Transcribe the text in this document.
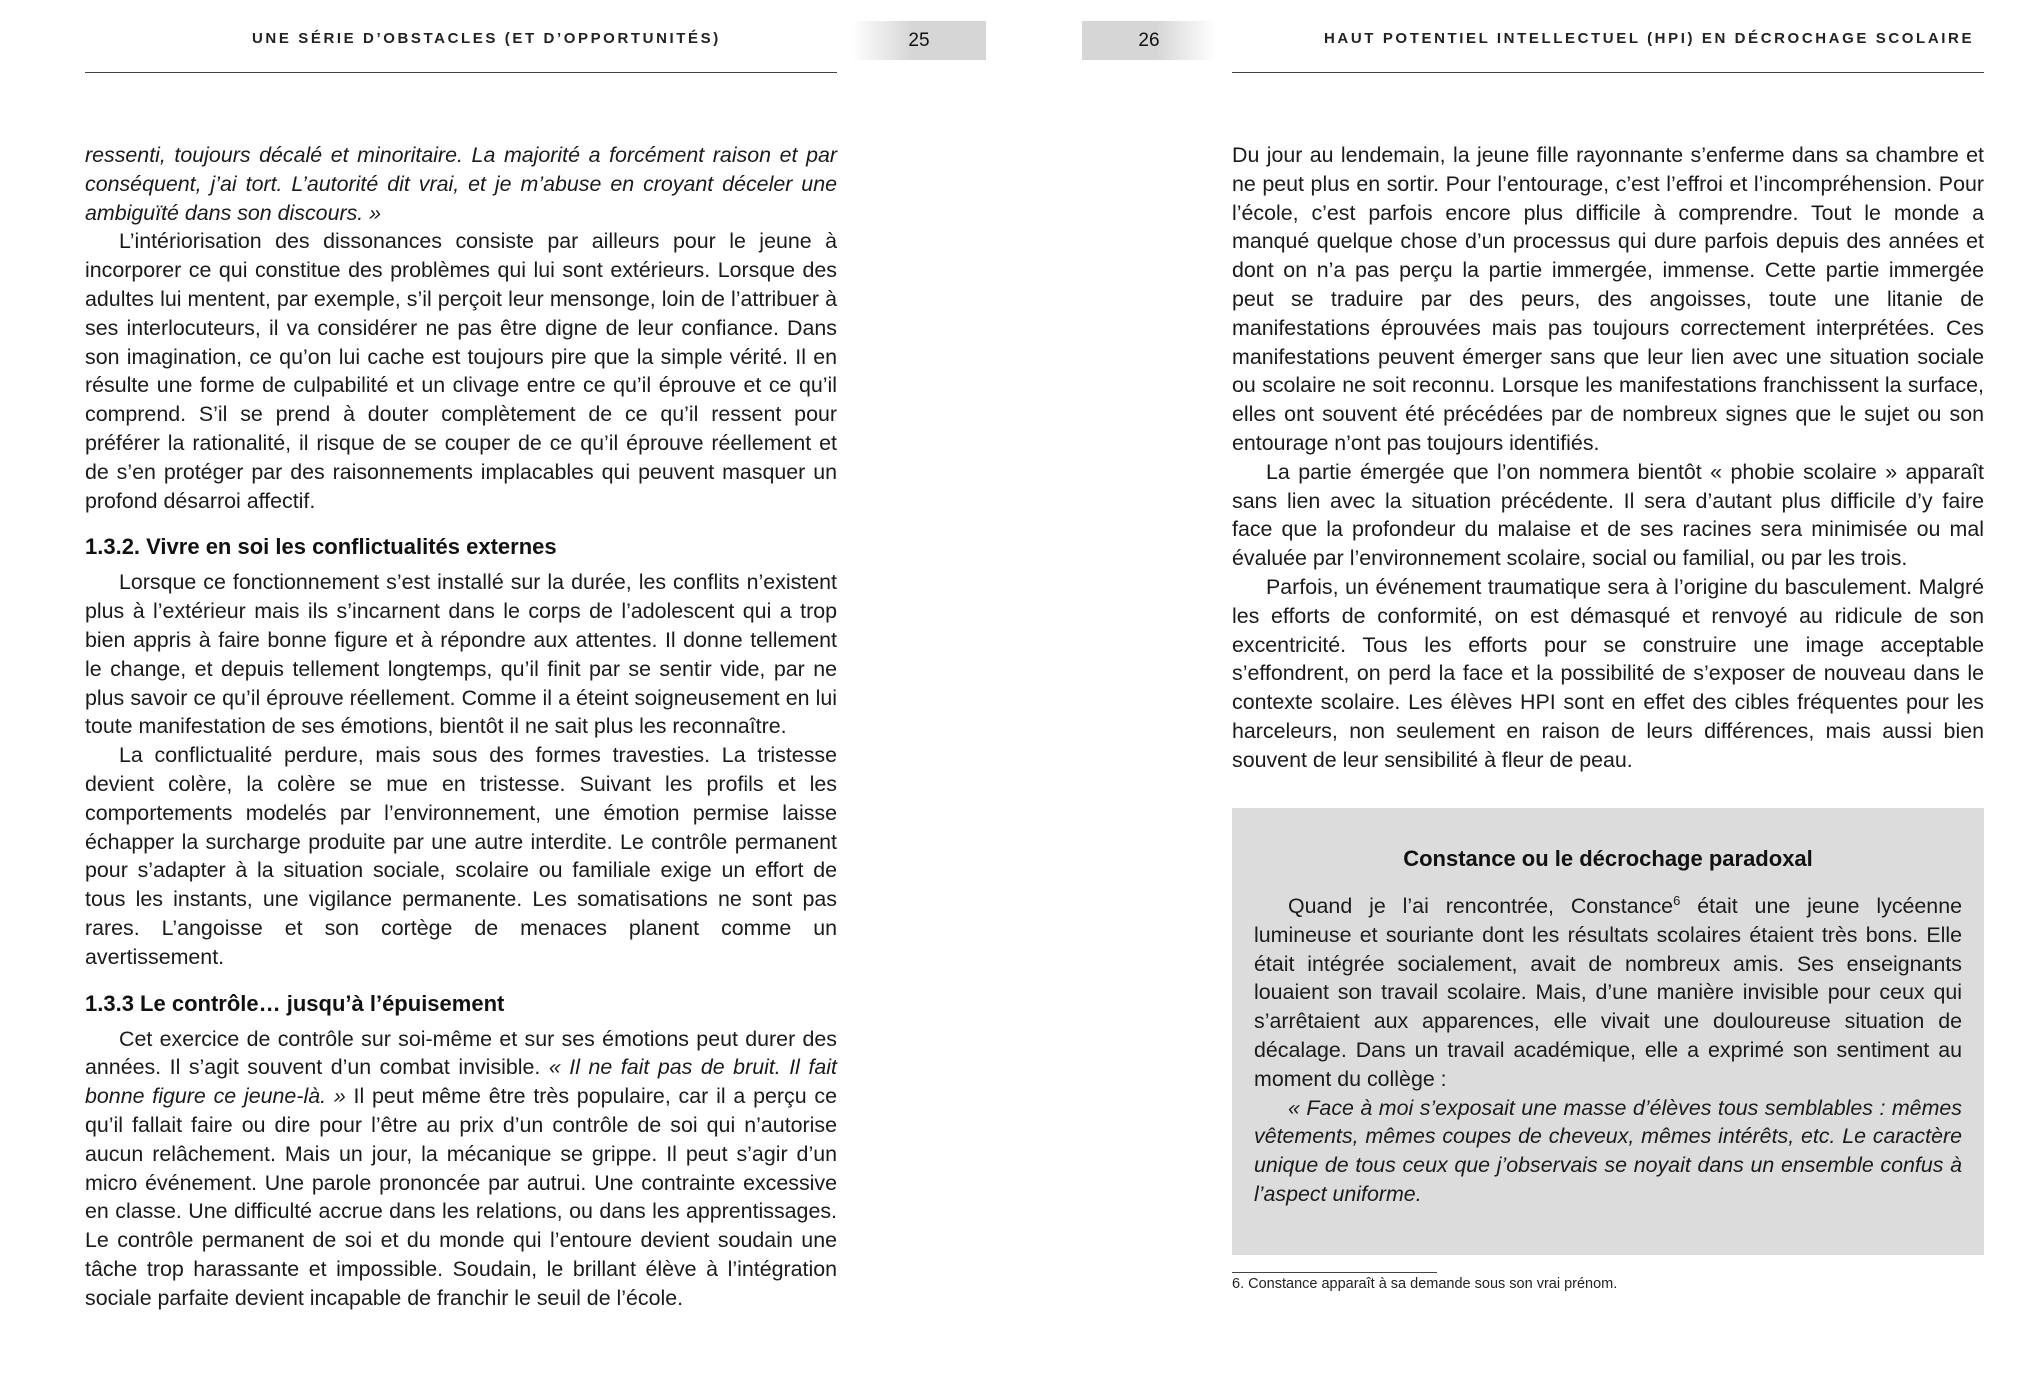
UNE SÉRIE D’OBSTACLES (ET D’OPPORTUNITÉS)

ressenti, toujours décalé et minoritaire. La majorité a forcément raison et par conséquent, j’ai tort. L’autorité dit vrai, et je m’abuse en croyant déceler une ambiguïté dans son discours. »

L’intériorisation des dissonances consiste par ailleurs pour le jeune à incorporer ce qui constitue des problèmes qui lui sont extérieurs. Lorsque des adultes lui mentent, par exemple, s’il perçoit leur mensonge, loin de l’attribuer à ses interlocuteurs, il va considérer ne pas être digne de leur confiance. Dans son imagination, ce qu’on lui cache est toujours pire que la simple vérité. Il en résulte une forme de culpabilité et un clivage entre ce qu’il éprouve et ce qu’il comprend. S’il se prend à douter complètement de ce qu’il ressent pour préférer la rationalité, il risque de se couper de ce qu’il éprouve réellement et de s’en protéger par des raisonnements implacables qui peuvent masquer un profond désarroi affectif.

1.3.2. Vivre en soi les conflictualités externes

Lorsque ce fonctionnement s’est installé sur la durée, les conflits n’existent plus à l’extérieur mais ils s’incarnent dans le corps de l’adolescent qui a trop bien appris à faire bonne figure et à répondre aux attentes. Il donne tellement le change, et depuis tellement longtemps, qu’il finit par se sentir vide, par ne plus savoir ce qu’il éprouve réellement. Comme il a éteint soigneusement en lui toute manifestation de ses émotions, bientôt il ne sait plus les reconnaître.

La conflictualité perdure, mais sous des formes travesties. La tristesse devient colère, la colère se mue en tristesse. Suivant les profils et les comportements modelés par l’environnement, une émotion permise laisse échapper la surcharge produite par une autre interdite. Le contrôle permanent pour s’adapter à la situation sociale, scolaire ou familiale exige un effort de tous les instants, une vigilance permanente. Les somatisations ne sont pas rares. L’angoisse et son cortège de menaces planent comme un avertissement.

1.3.3 Le contrôle… jusqu’à l’épuisement

Cet exercice de contrôle sur soi-même et sur ses émotions peut durer des années. Il s’agit souvent d’un combat invisible. « Il ne fait pas de bruit. Il fait bonne figure ce jeune-là. » Il peut même être très populaire, car il a perçu ce qu’il fallait faire ou dire pour l’être au prix d’un contrôle de soi qui n’autorise aucun relâchement. Mais un jour, la mécanique se grippe. Il peut s’agir d’un micro événement. Une parole prononcée par autrui. Une contrainte excessive en classe. Une difficulté accrue dans les relations, ou dans les apprentissages. Le contrôle permanent de soi et du monde qui l’entoure devient soudain une tâche trop harassante et impossible. Soudain, le brillant élève à l’intégration sociale parfaite devient incapable de franchir le seuil de l’école.

25	26	HAUT POTENTIEL INTELLECTUEL (HPI) EN DÉCROCHAGE SCOLAIRE

Du jour au lendemain, la jeune fille rayonnante s’enferme dans sa chambre et ne peut plus en sortir. Pour l’entourage, c’est l’effroi et l’incompréhension. Pour l’école, c’est parfois encore plus difficile à comprendre. Tout le monde a manqué quelque chose d’un processus qui dure parfois depuis des années et dont on n’a pas perçu la partie immergée, immense. Cette partie immergée peut se traduire par des peurs, des angoisses, toute une litanie de manifestations éprouvées mais pas toujours correctement interprétées. Ces manifestations peuvent émerger sans que leur lien avec une situation sociale ou scolaire ne soit reconnu. Lorsque les manifestations franchissent la surface, elles ont souvent été précédées par de nombreux signes que le sujet ou son entourage n’ont pas toujours identifiés.

La partie émergée que l’on nommera bientôt « phobie scolaire » apparaît sans lien avec la situation précédente. Il sera d’autant plus difficile d’y faire face que la profondeur du malaise et de ses racines sera minimisée ou mal évaluée par l’environnement scolaire, social ou familial, ou par les trois.

Parfois, un événement traumatique sera à l’origine du basculement. Malgré les efforts de conformité, on est démasqué et renvoyé au ridicule de son excentricité. Tous les efforts pour se construire une image acceptable s’effondrent, on perd la face et la possibilité de s’exposer de nouveau dans le contexte scolaire. Les élèves HPI sont en effet des cibles fréquentes pour les harceleurs, non seulement en raison de leurs différences, mais aussi bien souvent de leur sensibilité à fleur de peau.

Constance ou le décrochage paradoxal

Quand je l’ai rencontrée, Constance$^6$ était une jeune lycéenne lumineuse et souriante dont les résultats scolaires étaient très bons. Elle était intégrée socialement, avait de nombreux amis. Ses enseignants louaient son travail scolaire. Mais, d’une manière invisible pour ceux qui s’arrêtaient aux apparences, elle vivait une douloureuse situation de décalage. Dans un travail académique, elle a exprimé son sentiment au moment du collège :

« Face à moi s’exposait une masse d’élèves tous semblables : mêmes vêtements, mêmes coupes de cheveux, mêmes intérêts, etc. Le caractère unique de tous ceux que j’observais se noyait dans un ensemble confus à l’aspect uniforme.

6. Constance apparaît à sa demande sous son vrai prénom.
